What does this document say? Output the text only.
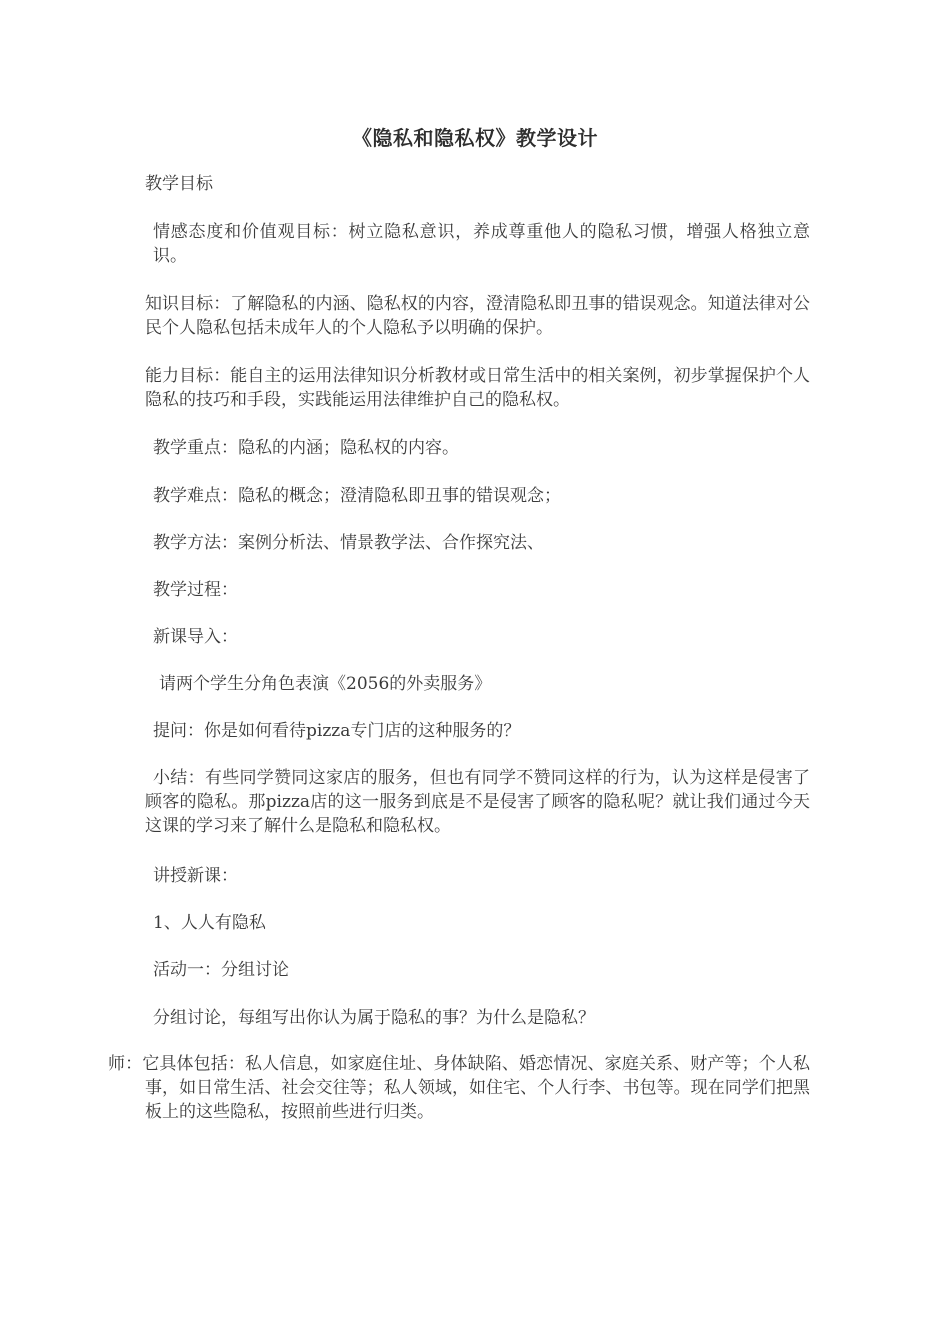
《隐私和隐私权》教学设计

教学目标

情感态度和价值观目标：树立隐私意识，养成尊重他人的隐私习惯，增强人格独立意识。

知识目标：了解隐私的内涵、隐私权的内容，澄清隐私即丑事的错误观念。知道法律对公民个人隐私包括未成年人的个人隐私予以明确的保护。

能力目标：能自主的运用法律知识分析教材或日常生活中的相关案例，初步掌握保护个人隐私的技巧和手段，实践能运用法律维护自己的隐私权。

教学重点：隐私的内涵；隐私权的内容。

教学难点：隐私的概念；澄清隐私即丑事的错误观念；

教学方法：案例分析法、情景教学法、合作探究法、

教学过程：

新课导入：

请两个学生分角色表演《2056的外卖服务》

提问：你是如何看待pizza专门店的这种服务的？

小结：有些同学赞同这家店的服务，但也有同学不赞同这样的行为，认为这样是侵害了顾客的隐私。那pizza店的这一服务到底是不是侵害了顾客的隐私呢？就让我们通过今天这课的学习来了解什么是隐私和隐私权。

讲授新课：

1、人人有隐私

活动一：分组讨论

分组讨论，每组写出你认为属于隐私的事？为什么是隐私？

师：它具体包括：私人信息，如家庭住址、身体缺陷、婚恋情况、家庭关系、财产等；个人私事，如日常生活、社会交往等；私人领域，如住宅、个人行李、书包等。现在同学们把黑板上的这些隐私，按照前些进行归类。
